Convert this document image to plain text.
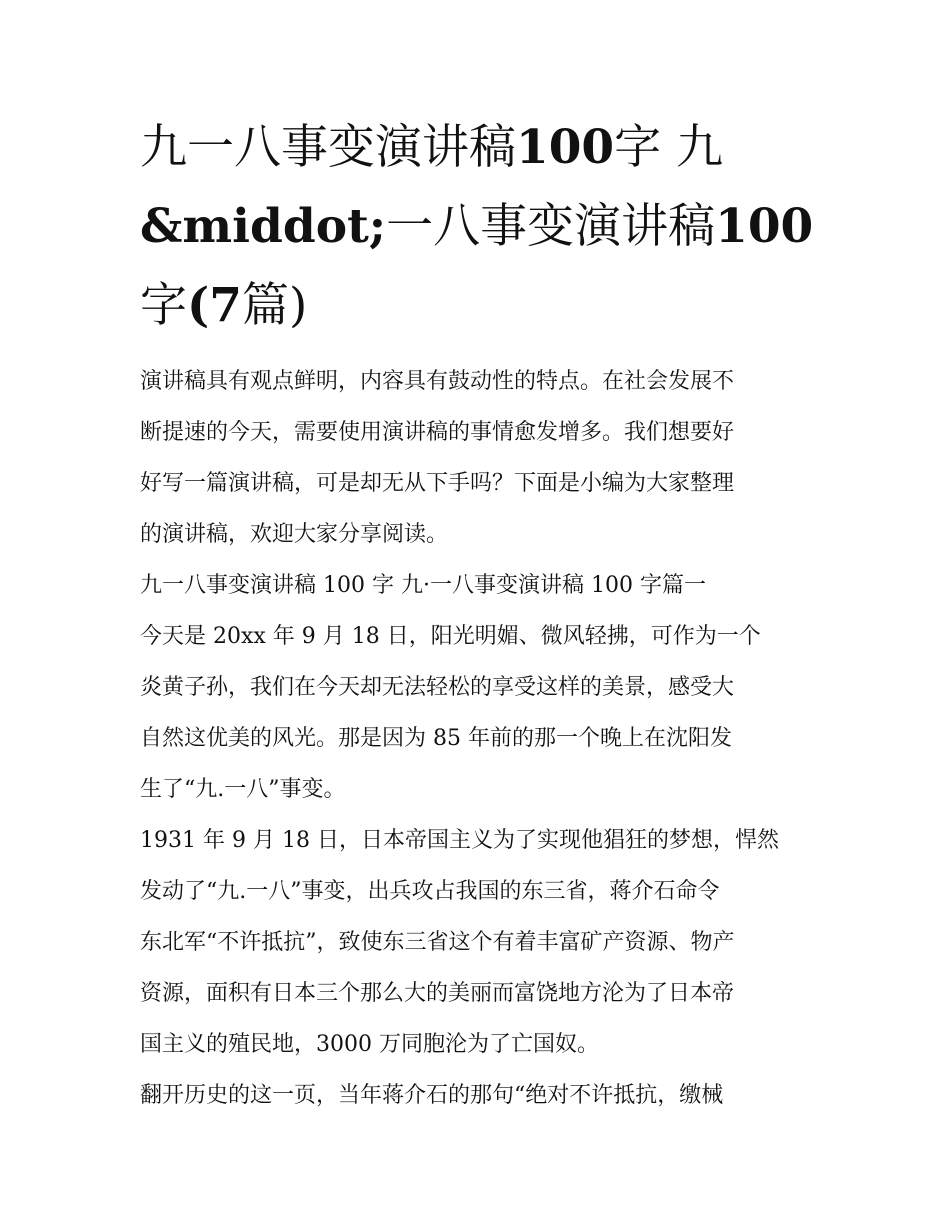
九一八事变演讲稿100字 九
&middot;一八事变演讲稿100
字(7篇)

演讲稿具有观点鲜明，内容具有鼓动性的特点。在社会发展不
断提速的今天，需要使用演讲稿的事情愈发增多。我们想要好
好写一篇演讲稿，可是却无从下手吗？下面是小编为大家整理
的演讲稿，欢迎大家分享阅读。

九一八事变演讲稿 100 字 九·一八事变演讲稿 100 字篇一

今天是 20xx 年 9 月 18 日，阳光明媚、微风轻拂，可作为一个
炎黄子孙，我们在今天却无法轻松的享受这样的美景，感受大
自然这优美的风光。那是因为 85 年前的那一个晚上在沈阳发
生了“九.一八”事变。

1931 年 9 月 18 日，日本帝国主义为了实现他猖狂的梦想，悍然
发动了“九.一八”事变，出兵攻占我国的东三省，蒋介石命令
东北军“不许抵抗”，致使东三省这个有着丰富矿产资源、物产
资源，面积有日本三个那么大的美丽而富饶地方沦为了日本帝
国主义的殖民地，3000 万同胞沦为了亡国奴。

翻开历史的这一页，当年蒋介石的那句“绝对不许抵抗，缴械
